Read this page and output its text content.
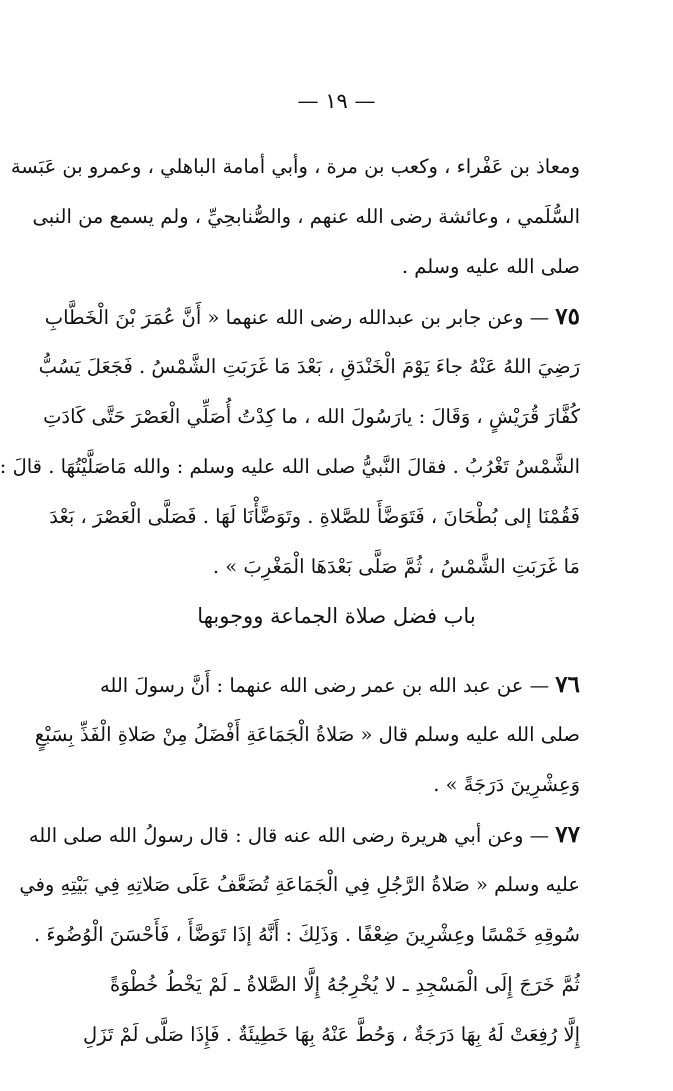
— ١٩ —
ومعاذ بن عَفْراء ، وكعب بن مرة ، وأبي أمامة الباهلي ، وعمرو بن عَبَسة
السُّلَمي ، وعائشة رضى الله عنهم ، والصُّنابحِيِّ ، ولم يسمع من النبى
صلى الله عليه وسلم .
٧٥ — وعن جابر بن عبدالله رضى الله عنهما « أَنَّ عُمَرَ بْنَ الْخَطَّابِ
رَضِيَ اللهُ عَنْهُ جاءَ يَوْمَ الْخَنْدَقِ ، بَعْدَ مَا غَرَبَتِ الشَّمْسُ . فَجَعَلَ يَسُبُّ
كُفَّارَ قُرَيْشٍ ، وَقَالَ : يارَسُولَ الله ، ما كِدْتُ أُصَلِّي الْعَصْرَ حَتَّى كَادَتِ
الشَّمْسُ تَغْرُبُ . فقالَ النَّبيُّ صلى الله عليه وسلم : والله مَاصَلَّيْتُهَا . قالَ :
فَقُمْنَا إلى بُطْحَانَ ، فَتَوَضَّأَ للصَّلاةِ . وتَوَضَّأْنَا لَهَا . فَصَلَّى الْعَصْرَ ، بَعْدَ
مَا غَرَبَتِ الشَّمْسُ ، ثُمَّ صَلَّى بَعْدَهَا الْمَغْرِبَ » .
باب فضل صلاة الجماعة ووجوبها
٧٦ — عن عبد الله بن عمر رضى الله عنهما : أَنَّ رسولَ الله
صلى الله عليه وسلم قال « صَلاةُ الْجَمَاعَةِ أَفْضَلُ مِنْ صَلاةِ الْفَذِّ بِسَبْعٍ
وَعِشْرِينَ دَرَجَةً » .
٧٧ — وعن أبي هريرة رضى الله عنه قال : قال رسولُ الله صلى الله
عليه وسلم « صَلاةُ الرَّجُلِ فِي الْجَمَاعَةِ تُضَعَّفُ عَلَى صَلاتِهِ فِي بَيْتِهِ وفي
سُوقِهِ خَمْسًا وعِشْرِينَ ضِعْفًا . وَذَلِكَ : أَنَّهُ إذَا تَوَضَّأَ ، فَأَحْسَنَ الْوُضُوءَ .
ثُمَّ خَرَجَ إِلَى الْمَسْجِدِ ـ لا يُخْرِجُهُ إِلَّا الصَّلاةُ ـ لَمْ يَخْطُ خُطْوَةً
إِلَّا رُفِعَتْ لَهُ بِهَا دَرَجَةٌ ، وَحُطَّ عَنْهُ بِهَا خَطِيئَةٌ . فَإِذَا صَلَّى لَمْ تَزَلِ
